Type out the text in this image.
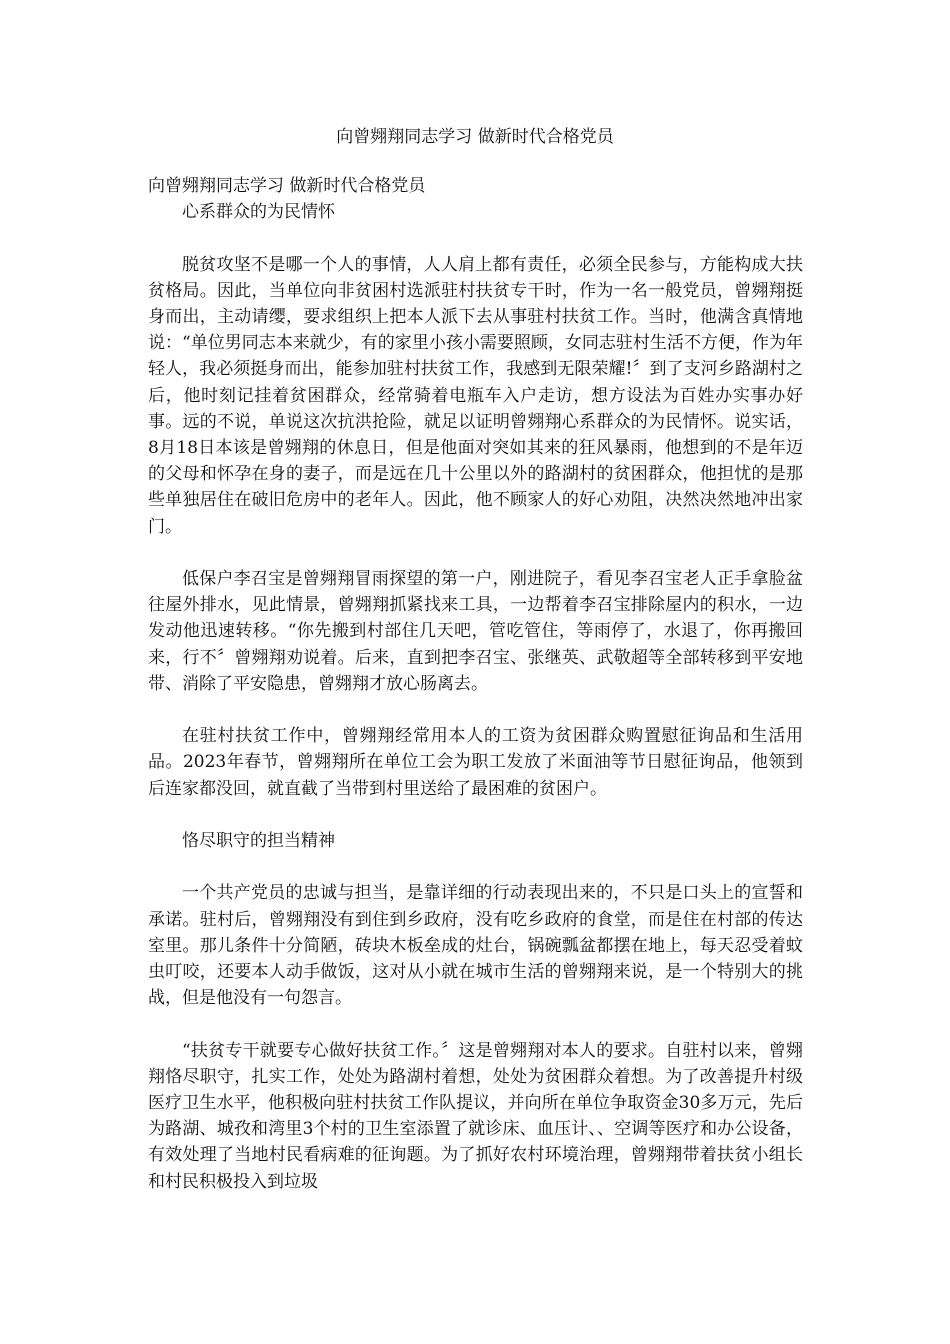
向曾翙翔同志学习 做新时代合格党员

向曾翙翔同志学习 做新时代合格党员

心系群众的为民情怀

脱贫攻坚不是哪一个人的事情，人人肩上都有责任，必须全民参与，方能构成大扶贫格局。因此，当单位向非贫困村选派驻村扶贫专干时，作为一名一般党员，曾翙翔挺身而出，主动请缨，要求组织上把本人派下去从事驻村扶贫工作。当时，他满含真情地说：“单位男同志本来就少，有的家里小孩小需要照顾，女同志驻村生活不方便，作为年轻人，我必须挺身而出，能参加驻村扶贫工作，我感到无限荣耀!〞到了支河乡路湖村之后，他时刻记挂着贫困群众，经常骑着电瓶车入户走访，想方设法为百姓办实事办好事。远的不说，单说这次抗洪抢险，就足以证明曾翙翔心系群众的为民情怀。说实话，8月18日本该是曾翙翔的休息日，但是他面对突如其来的狂风暴雨，他想到的不是年迈的父母和怀孕在身的妻子，而是远在几十公里以外的路湖村的贫困群众，他担忧的是那些单独居住在破旧危房中的老年人。因此，他不顾家人的好心劝阻，决然决然地冲出家门。

低保户李召宝是曾翙翔冒雨探望的第一户，刚进院子，看见李召宝老人正手拿脸盆往屋外排水，见此情景，曾翙翔抓紧找来工具，一边帮着李召宝排除屋内的积水，一边发动他迅速转移。“你先搬到村部住几天吧，管吃管住，等雨停了，水退了，你再搬回来，行不〞曾翙翔劝说着。后来，直到把李召宝、张继英、武敬超等全部转移到平安地带、消除了平安隐患，曾翙翔才放心肠离去。

在驻村扶贫工作中，曾翙翔经常用本人的工资为贫困群众购置慰征询品和生活用品。2023年春节，曾翙翔所在单位工会为职工发放了米面油等节日慰征询品，他领到后连家都没回，就直截了当带到村里送给了最困难的贫困户。

恪尽职守的担当精神

一个共产党员的忠诚与担当，是靠详细的行动表现出来的，不只是口头上的宣誓和承诺。驻村后，曾翙翔没有到住到乡政府，没有吃乡政府的食堂，而是住在村部的传达室里。那儿条件十分简陋，砖块木板垒成的灶台，锅碗瓢盆都摆在地上，每天忍受着蚊虫叮咬，还要本人动手做饭，这对从小就在城市生活的曾翙翔来说，是一个特别大的挑战，但是他没有一句怨言。

“扶贫专干就要专心做好扶贫工作。〞这是曾翙翔对本人的要求。自驻村以来，曾翙翔恪尽职守，扎实工作，处处为路湖村着想，处处为贫困群众着想。为了改善提升村级医疗卫生水平，他积极向驻村扶贫工作队提议，并向所在单位争取资金30多万元，先后为路湖、城孜和湾里3个村的卫生室添置了就诊床、血压计、、空调等医疗和办公设备，有效处理了当地村民看病难的征询题。为了抓好农村环境治理，曾翙翔带着扶贫小组长和村民积极投入到垃圾
